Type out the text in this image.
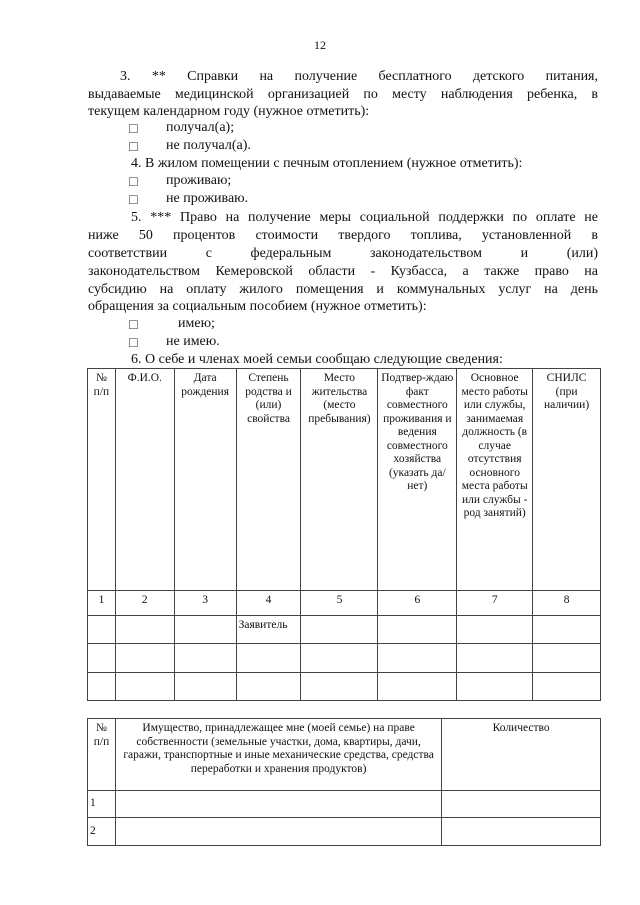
12
3. ** Справки на получение бесплатного детского питания,
выдаваемые медицинской организацией по месту наблюдения ребенка, в
текущем календарном году (нужное отметить):
☐ получал(а);
☐ не получал(а).
4. В жилом помещении с печным отоплением (нужное отметить):
☐ проживаю;
☐ не проживаю.
5. *** Право на получение меры социальной поддержки по оплате не
ниже 50 процентов стоимости твердого топлива, установленной в
соответствии с федеральным законодательством и (или)
законодательством Кемеровской области - Кузбасса, а также право на
субсидию на оплату жилого помещения и коммунальных услуг на день
обращения за социальным пособием (нужное отметить):
☐	имею;
☐ не имею.
6. О себе и членах моей семьи сообщаю следующие сведения:
№ п/п	Ф.И.О.	Дата рождения	Степень родства и (или) свойства	Место жительства (место пребывания)	Подтвер-ждаю факт совместного проживания и ведения совместного хозяйства (указать да/нет)	Основное место работы или службы, занимаемая должность (в случае отсутствия основного места работы или службы - род занятий)	СНИЛС (при наличии)
1	2	3	4	5	6	7	8
			Заявитель				

№ п/п	Имущество, принадлежащее мне (моей семье) на праве собственности (земельные участки, дома, квартиры, дачи, гаражи, транспортные и иные механические средства, средства переработки и хранения продуктов)	Количество
1		
2		
